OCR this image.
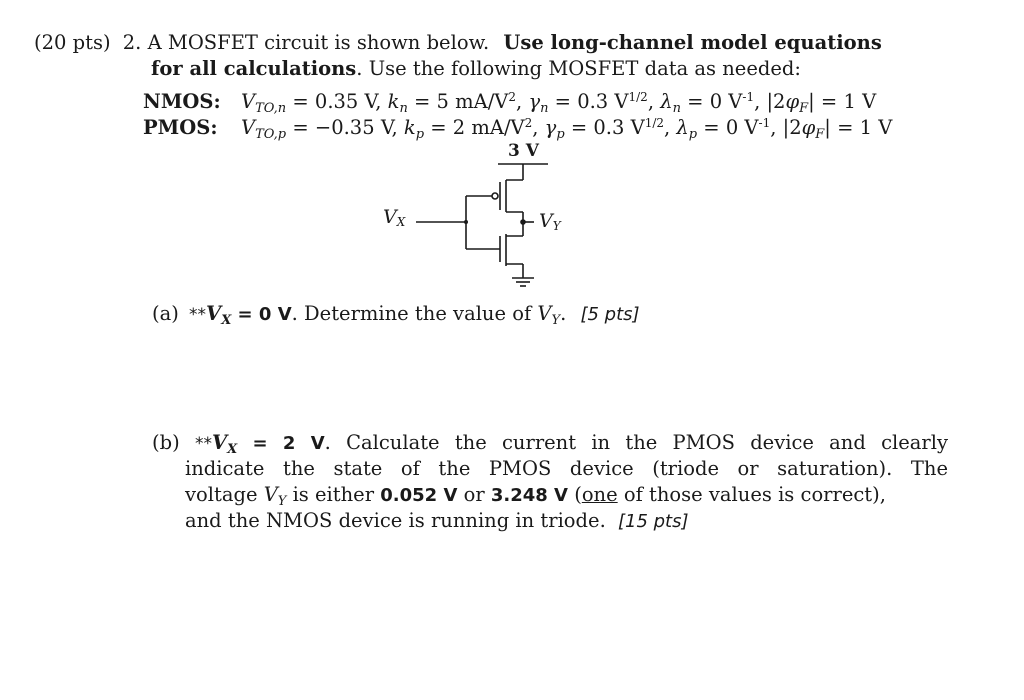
(20 pts) 2. A MOSFET circuit is shown below. Use long-channel model equations
for all calculations. Use the following MOSFET data as needed:
NMOS: $V_{TO,n} = 0.35$ V, $k_n = 5$ $mA/V^2$, $\gamma_n = 0.3$ $V^{1/2}$, $\lambda_n = 0$ $V^{-1}$, $|2\varphi_F| = 1$ V
PMOS: $V_{TO,p} = -0.35$ V, $k_p = 2$ $mA/V^2$, $\gamma_p = 0.3$ $V^{1/2}$, $\lambda_p = 0$ $V^{-1}$, $|2\varphi_F| = 1$ V
3 V
VX	VY
(a) $**V_X = 0$ V. Determine the value of $V_Y$. [5 pts]
(b) $**V_X = 2$ V. Calculate the current in the PMOS device and clearly
indicate the state of the PMOS device (triode or saturation). The
voltage $V_Y$ is either 0.052 V or 3.248 V (one of those values is correct),
and the NMOS device is running in triode. [15 pts]
